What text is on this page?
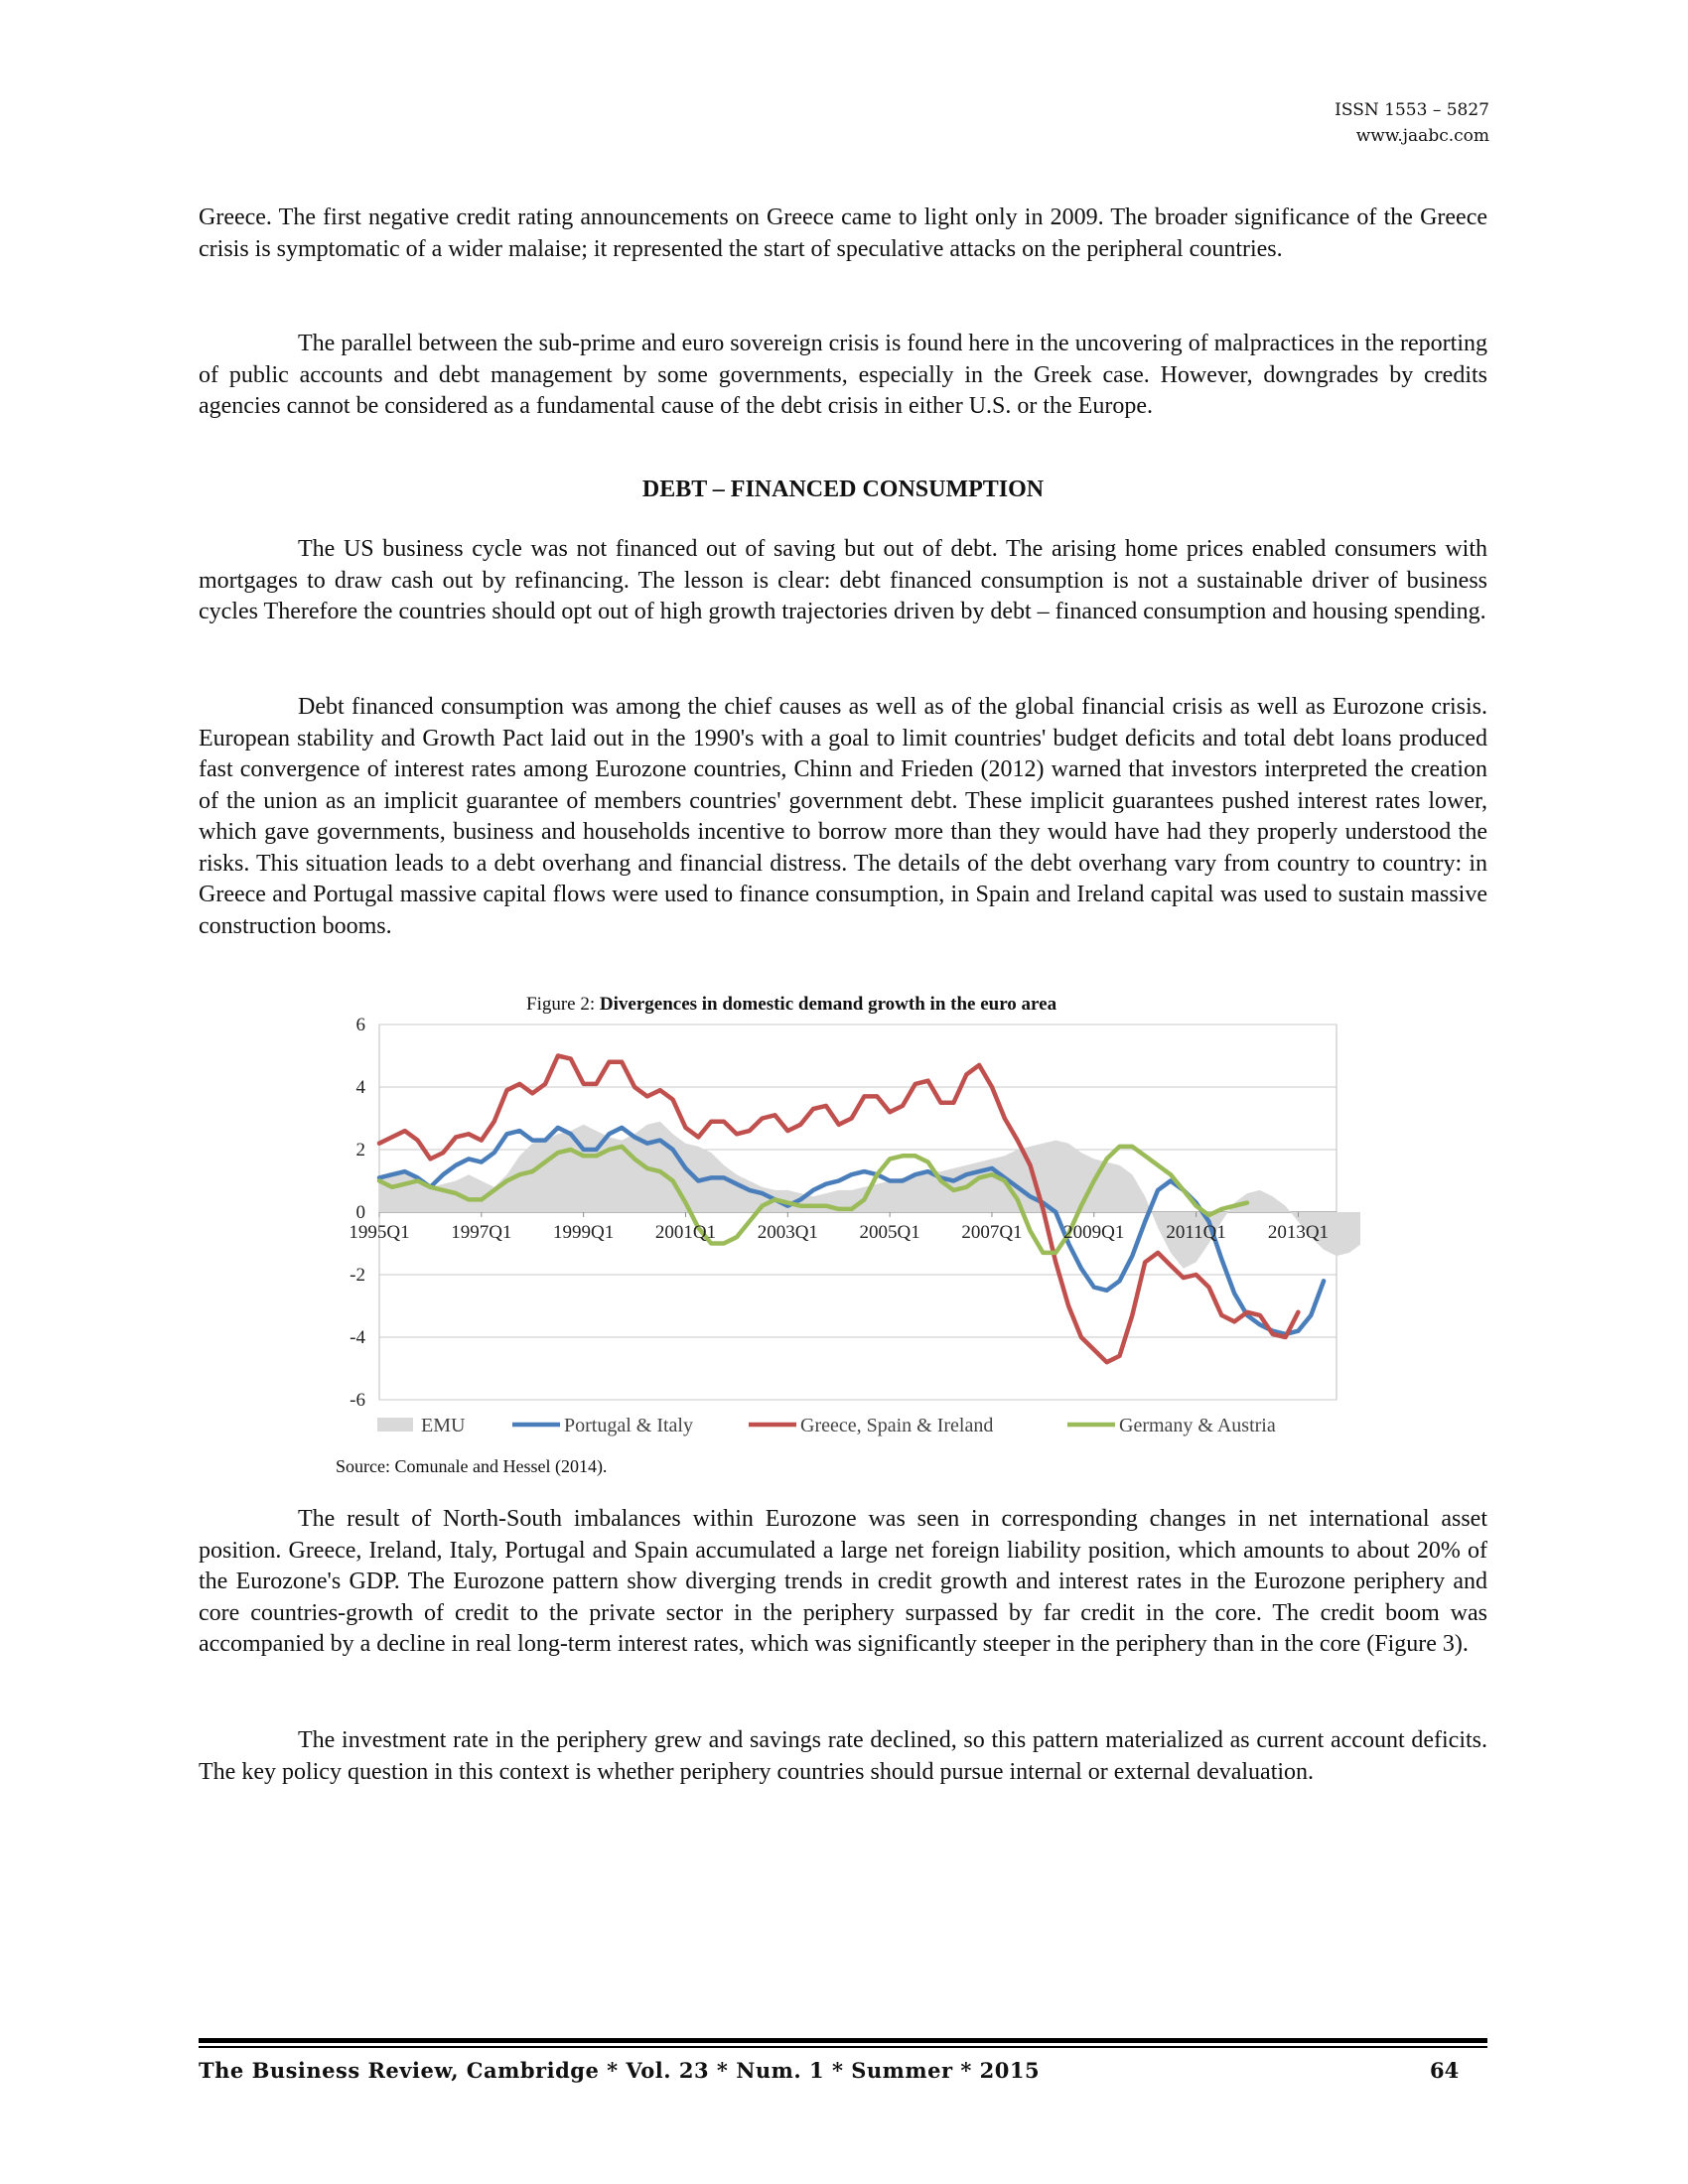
ISSN 1553 – 5827
www.jaabc.com

Greece. The first negative credit rating announcements on Greece came to light only in 2009. The broader significance of the Greece crisis is symptomatic of a wider malaise; it represented the start of speculative attacks on the peripheral countries.

The parallel between the sub-prime and euro sovereign crisis is found here in the uncovering of malpractices in the reporting of public accounts and debt management by some governments, especially in the Greek case. However, downgrades by credits agencies cannot be considered as a fundamental cause of the debt crisis in either U.S. or the Europe.

DEBT – FINANCED CONSUMPTION

The US business cycle was not financed out of saving but out of debt. The arising home prices enabled consumers with mortgages to draw cash out by refinancing. The lesson is clear: debt financed consumption is not a sustainable driver of business cycles Therefore the countries should opt out of high growth trajectories driven by debt – financed consumption and housing spending.

Debt financed consumption was among the chief causes as well as of the global financial crisis as well as Eurozone crisis. European stability and Growth Pact laid out in the 1990's with a goal to limit countries' budget deficits and total debt loans produced fast convergence of interest rates among Eurozone countries, Chinn and Frieden (2012) warned that investors interpreted the creation of the union as an implicit guarantee of members countries' government debt. These implicit guarantees pushed interest rates lower, which gave governments, business and households incentive to borrow more than they would have had they properly understood the risks. This situation leads to a debt overhang and financial distress. The details of the debt overhang vary from country to country: in Greece and Portugal massive capital flows were used to finance consumption, in Spain and Ireland capital was used to sustain massive construction booms.

Figure 2: Divergences in domestic demand growth in the euro area
6
4
2
0
-2
-4
-6
1995Q1 1997Q1 1999Q1 2001Q1 2003Q1 2005Q1 2007Q1 2009Q1 2011Q1 2013Q1
EMU	Portugal & Italy	Greece, Spain & Ireland	Germany & Austria
Source: Comunale and Hessel (2014).

The result of North-South imbalances within Eurozone was seen in corresponding changes in net international asset position. Greece, Ireland, Italy, Portugal and Spain accumulated a large net foreign liability position, which amounts to about 20% of the Eurozone's GDP. The Eurozone pattern show diverging trends in credit growth and interest rates in the Eurozone periphery and core countries-growth of credit to the private sector in the periphery surpassed by far credit in the core. The credit boom was accompanied by a decline in real long-term interest rates, which was significantly steeper in the periphery than in the core (Figure 3).

The investment rate in the periphery grew and savings rate declined, so this pattern materialized as current account deficits. The key policy question in this context is whether periphery countries should pursue internal or external devaluation.

The Business Review, Cambridge * Vol. 23 * Num. 1 * Summer * 2015	64
